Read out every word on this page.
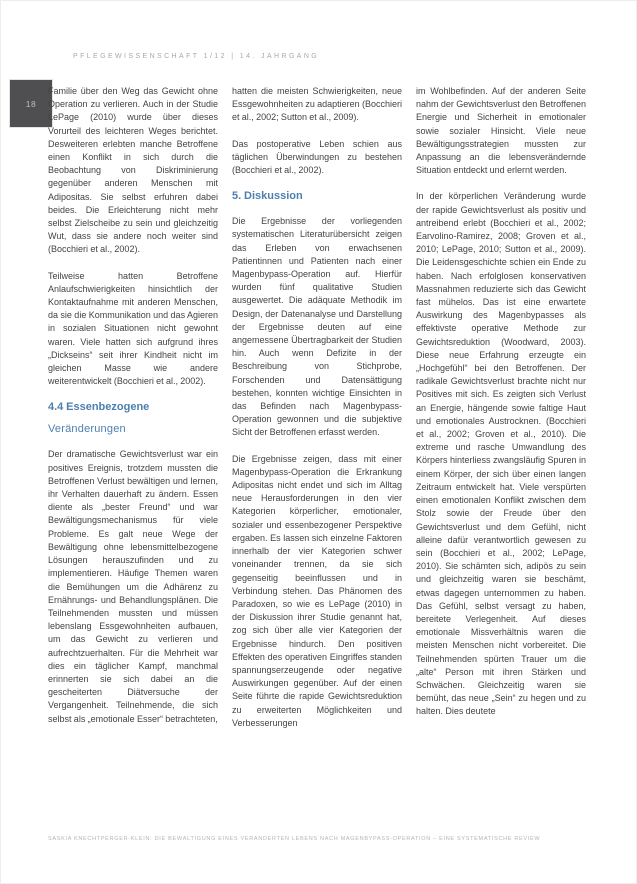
PFLEGEWISSENSCHAFT 1/12 | 14. JAHRGANG
18

Familie über den Weg das Gewicht ohne Operation zu verlieren. Auch in der Studie LePage (2010) wurde über dieses Vorurteil des leichteren Weges berichtet. Desweiteren erlebten manche Betroffene einen Konflikt in sich durch die Beobachtung von Diskriminierung gegenüber anderen Menschen mit Adipositas. Sie selbst erfuhren dabei beides. Die Erleichterung nicht mehr selbst Zielscheibe zu sein und gleichzeitig Wut, dass sie andere noch weiter sind (Bocchieri et al., 2002).

Teilweise hatten Betroffene Anlaufschwierigkeiten hinsichtlich der Kontaktaufnahme mit anderen Menschen, da sie die Kommunikation und das Agieren in sozialen Situationen nicht gewohnt waren. Viele hatten sich aufgrund ihres „Dickseins“ seit ihrer Kindheit nicht im gleichen Masse wie andere weiterentwickelt (Bocchieri et al., 2002).

4.4 Essenbezogene
Veränderungen

Der dramatische Gewichtsverlust war ein positives Ereignis, trotzdem mussten die Betroffenen Verlust bewältigen und lernen, ihr Verhalten dauerhaft zu ändern. Essen diente als „bester Freund“ und war Bewältigungsmechanismus für viele Probleme. Es galt neue Wege der Bewältigung ohne lebensmittelbezogene Lösungen herauszufinden und zu implementieren. Häufige Themen waren die Bemühungen um die Adhärenz zu Ernährungs- und Behandlungsplänen. Die Teilnehmenden mussten und müssen lebenslang Essgewohnheiten aufbauen, um das Gewicht zu verlieren und aufrechtzuerhalten. Für die Mehrheit war dies ein täglicher Kampf, manchmal erinnerten sie sich dabei an die gescheiterten Diätversuche der Vergangenheit. Teilnehmende, die sich selbst als „emotionale Esser“ betrachteten,

hatten die meisten Schwierigkeiten, neue Essgewohnheiten zu adaptieren (Bocchieri et al., 2002; Sutton et al., 2009).

Das postoperative Leben schien aus täglichen Überwindungen zu bestehen (Bocchieri et al., 2002).

5. Diskussion

Die Ergebnisse der vorliegenden systematischen Literaturübersicht zeigen das Erleben von erwachsenen Patientinnen und Patienten nach einer Magenbypass-Operation auf. Hierfür wurden fünf qualitative Studien ausgewertet. Die adäquate Methodik im Design, der Datenanalyse und Darstellung der Ergebnisse deuten auf eine angemessene Übertragbarkeit der Studien hin. Auch wenn Defizite in der Beschreibung von Stichprobe, Forschenden und Datensättigung bestehen, konnten wichtige Einsichten in das Befinden nach Magenbypass-Operation gewonnen und die subjektive Sicht der Betroffenen erfasst werden.

Die Ergebnisse zeigen, dass mit einer Magenbypass-Operation die Erkrankung Adipositas nicht endet und sich im Alltag neue Herausforderungen in den vier Kategorien körperlicher, emotionaler, sozialer und essenbezogener Perspektive ergaben. Es lassen sich einzelne Faktoren innerhalb der vier Kategorien schwer voneinander trennen, da sie sich gegenseitig beeinflussen und in Verbindung stehen. Das Phänomen des Paradoxen, so wie es LePage (2010) in der Diskussion ihrer Studie genannt hat, zog sich über alle vier Kategorien der Ergebnisse hindurch. Den positiven Effekten des operativen Eingriffes standen spannungserzeugende oder negative Auswirkungen gegenüber. Auf der einen Seite führte die rapide Gewichtsreduktion zu erweiterten Möglichkeiten und Verbesserungen

im Wohlbefinden. Auf der anderen Seite nahm der Gewichtsverlust den Betroffenen Energie und Sicherheit in emotionaler sowie sozialer Hinsicht. Viele neue Bewältigungsstrategien mussten zur Anpassung an die lebensverändernde Situation entdeckt und erlernt werden.

In der körperlichen Veränderung wurde der rapide Gewichtsverlust als positiv und antreibend erlebt (Bocchieri et al., 2002; Earvolino-Ramirez, 2008; Groven et al., 2010; LePage, 2010; Sutton et al., 2009). Die Leidensgeschichte schien ein Ende zu haben. Nach erfolglosen konservativen Massnahmen reduzierte sich das Gewicht fast mühelos. Das ist eine erwartete Auswirkung des Magenbypasses als effektivste operative Methode zur Gewichtsreduktion (Woodward, 2003). Diese neue Erfahrung erzeugte ein „Hochgefühl“ bei den Betroffenen. Der radikale Gewichtsverlust brachte nicht nur Positives mit sich. Es zeigten sich Verlust an Energie, hängende sowie faltige Haut und emotionales Austrocknen. (Bocchieri et al., 2002; Groven et al., 2010). Die extreme und rasche Umwandlung des Körpers hinterliess zwangsläufig Spuren in einem Körper, der sich über einen langen Zeitraum entwickelt hat. Viele verspürten einen emotionalen Konflikt zwischen dem Stolz sowie der Freude über den Gewichtsverlust und dem Gefühl, nicht alleine dafür verantwortlich gewesen zu sein (Bocchieri et al., 2002; LePage, 2010). Sie schämten sich, adipös zu sein und gleichzeitig waren sie beschämt, etwas dagegen unternommen zu haben. Das Gefühl, selbst versagt zu haben, bereitete Verlegenheit. Auf dieses emotionale Missverhältnis waren die meisten Menschen nicht vorbereitet. Die Teilnehmenden spürten Trauer um die „alte“ Person mit ihren Stärken und Schwächen. Gleichzeitig waren sie bemüht, das neue „Sein“ zu hegen und zu halten. Dies deutete

SASKIA KNECHTPERGER-KLEIN: DIE BEWÄLTIGUNG EINES VERÄNDERTEN LEBENS NACH MAGENBYPASS-OPERATION – EINE SYSTEMATISCHE REVIEW
